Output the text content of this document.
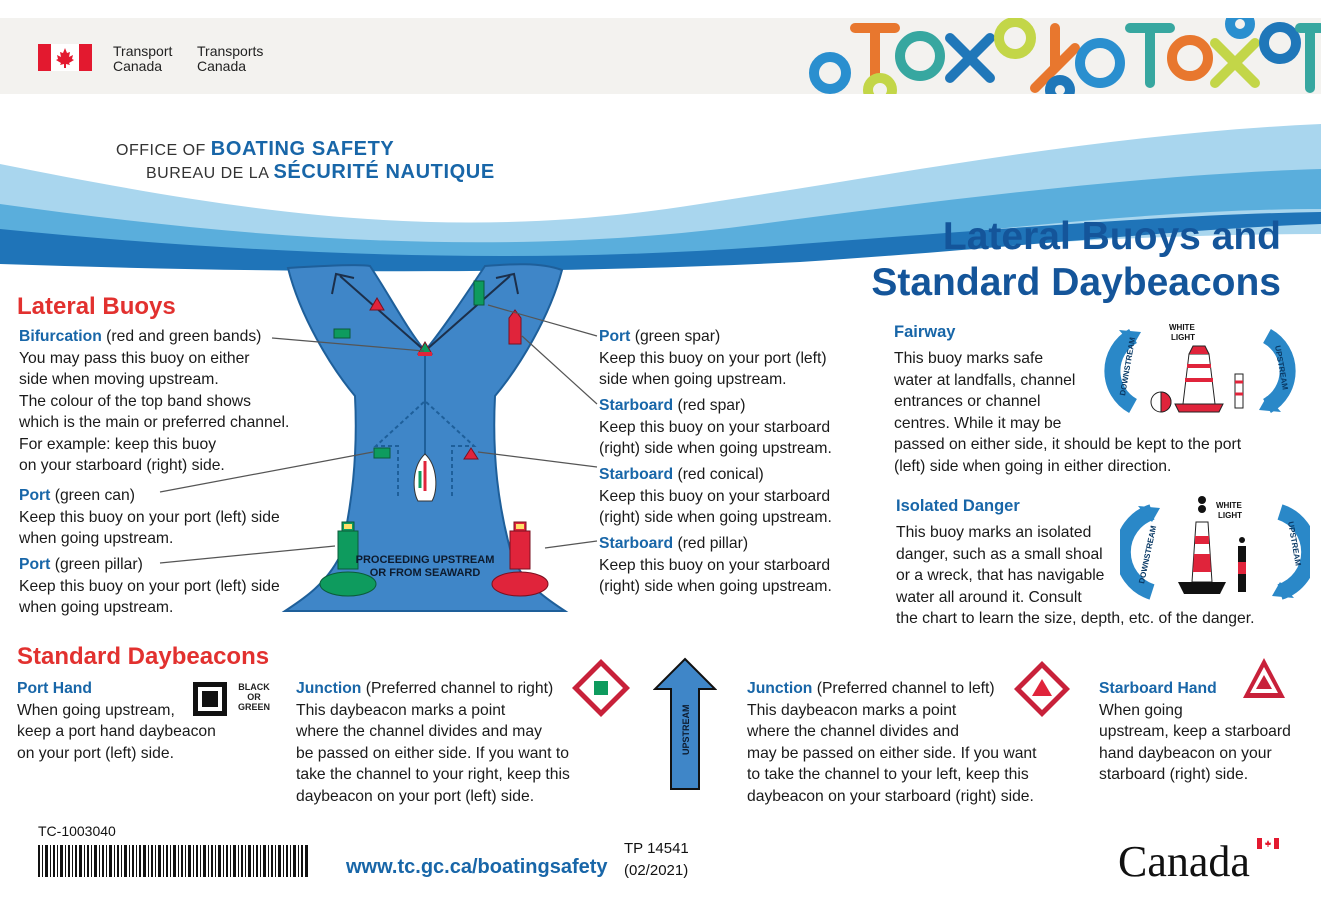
Transport
Canada
Transports
Canada
OFFICE OF BOATING SAFETY
BUREAU DE LA SÉCURITÉ NAUTIQUE
Lateral Buoys and
Standard Daybeacons
Lateral Buoys
Bifurcation (red and green bands)
You may pass this buoy on either
side when moving upstream.
The colour of the top band shows
which is the main or preferred channel.
For example: keep this buoy
on your starboard (right) side.
Port (green can)
Keep this buoy on your port (left) side
when going upstream.
Port (green pillar)
Keep this buoy on your port (left) side
when going upstream.
Port (green spar)
Keep this buoy on your port (left)
side when going upstream.
Starboard (red spar)
Keep this buoy on your starboard
(right) side when going upstream.
Starboard (red conical)
Keep this buoy on your starboard
(right) side when going upstream.
Starboard (red pillar)
Keep this buoy on your starboard
(right) side when going upstream.
PROCEEDING UPSTREAM
OR FROM SEAWARD
Fairway
This buoy marks safe
water at landfalls, channel
entrances or channel
centres. While it may be
passed on either side, it should be kept to the port
(left) side when going in either direction.
WHITE
LIGHT
DOWNSTREAM	UPSTREAM
Isolated Danger
This buoy marks an isolated
danger, such as a small shoal
or a wreck, that has navigable
water all around it. Consult
the chart to learn the size, depth, etc. of the danger.
WHITE
LIGHT
DOWNSTREAM	UPSTREAM
Standard Daybeacons
Port Hand
When going upstream,
keep a port hand daybeacon
on your port (left) side.
BLACK
OR
GREEN
Junction (Preferred channel to right)
This daybeacon marks a point
where the channel divides and may
be passed on either side. If you want to
take the channel to your right, keep this
daybeacon on your port (left) side.
UPSTREAM
Junction (Preferred channel to left)
This daybeacon marks a point
where the channel divides and
may be passed on either side. If you want
to take the channel to your left, keep this
daybeacon on your starboard (right) side.
Starboard Hand
When going
upstream, keep a starboard
hand daybeacon on your
starboard (right) side.
TC-1003040
www.tc.gc.ca/boatingsafety
TP 14541
(02/2021)	Canada
